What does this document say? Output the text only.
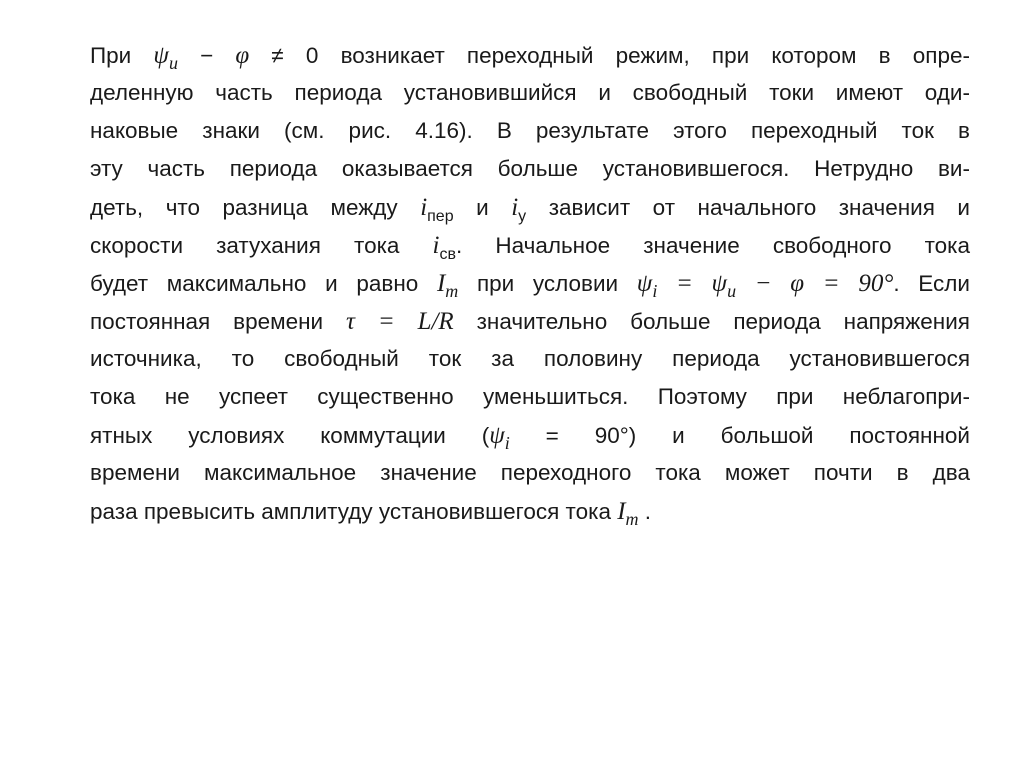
При $\psi_u - \varphi \ne 0$ возникает переходный режим, при котором в опре-
деленную часть периода установившийся и свободный токи имеют оди-
наковые знаки (см. рис. 4.16). В результате этого переходный ток в
эту часть периода оказывается больше установившегося. Нетрудно ви-
деть, что разница между $i_{пер}$ и $i_у$ зависит от начального значения и
скорости затухания тока $i_{св}$. Начальное значение свободного тока
будет максимально и равно $I_m$ при условии $\psi_i = \psi_u - \varphi = 90^\circ$. Если
постоянная времени τ = L/R значительно больше периода напряжения
источника, то свободный ток за половину периода установившегося
тока не успеет существенно уменьшиться. Поэтому при неблагопри-
ятных условиях коммутации $(\psi_i = 90^\circ)$ и большой постоянной
времени максимальное значение переходного тока может почти в два
раза превысить амплитуду установившегося тока $I_m$ .
